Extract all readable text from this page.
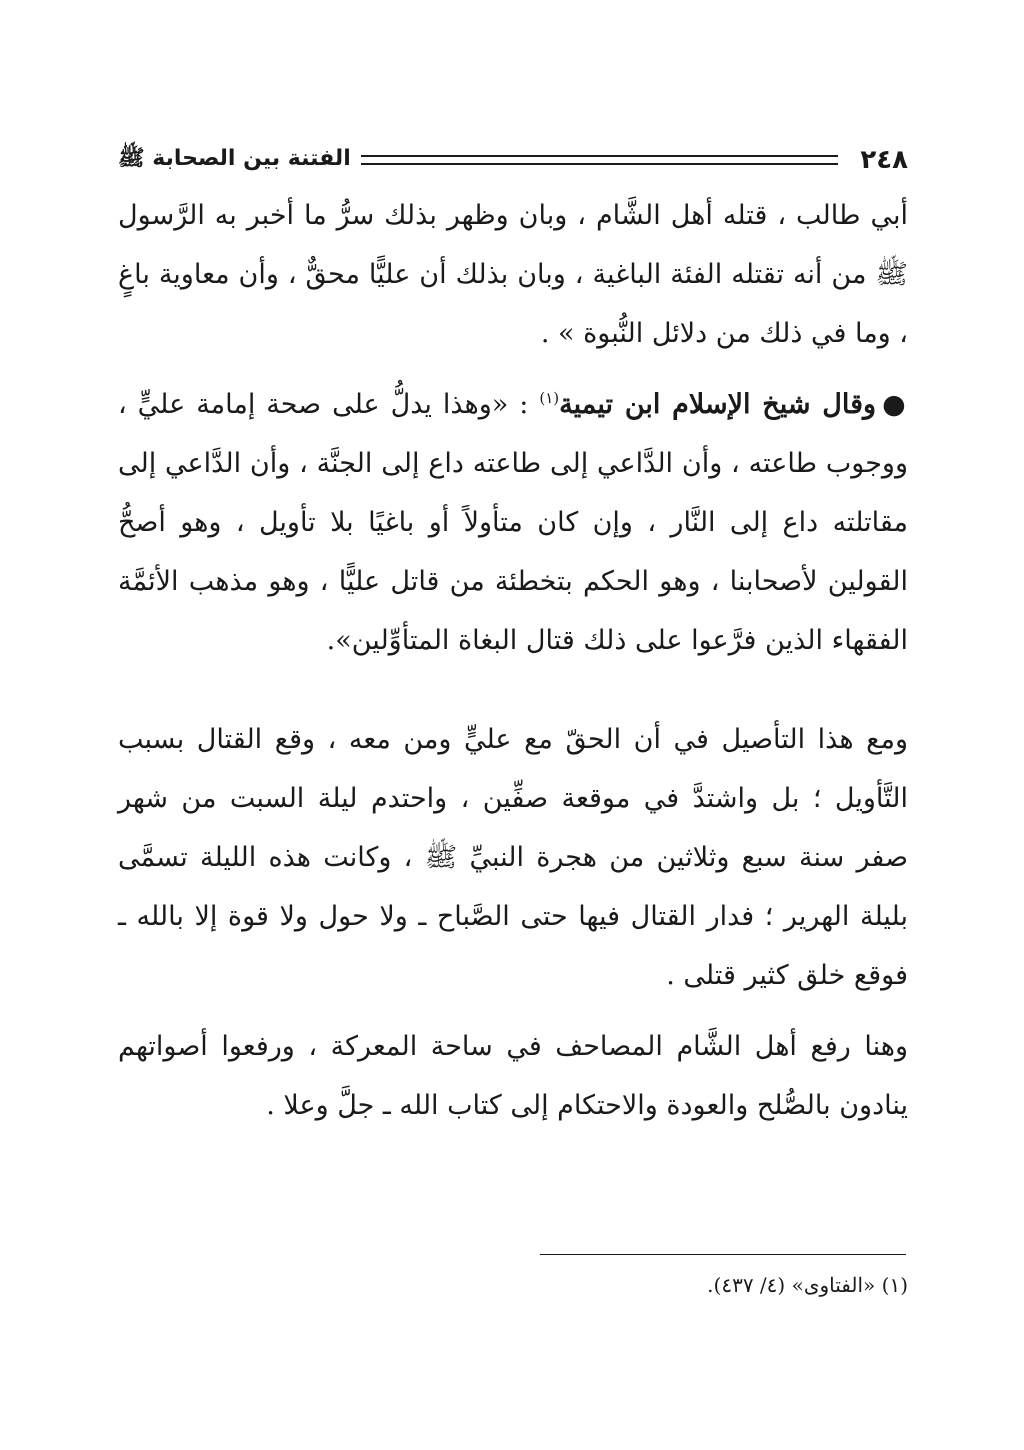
٢٤٨
الفتنة بين الصحابة ﷺ

أبي طالب ، قتله أهل الشَّام ، وبان وظهر بذلك سرُّ ما أخبر به الرَّسول ﷺ من أنه تقتله الفئة الباغية ، وبان بذلك أن عليًّا محقٌّ ، وأن معاوية باغٍ ، وما في ذلك من دلائل النُّبوة » .

●وقال شيخ الإسلام ابن تيمية$^{(١)}$ : «وهذا يدلُّ على صحة إمامة عليٍّ ، ووجوب طاعته ، وأن الدَّاعي إلى طاعته داع إلى الجنَّة ، وأن الدَّاعي إلى مقاتلته داع إلى النَّار ، وإن كان متأولاً أو باغيًا بلا تأويل ، وهو أصحُّ القولين لأصحابنا ، وهو الحكم بتخطئة من قاتل عليًّا ، وهو مذهب الأئمَّة الفقهاء الذين فرَّعوا على ذلك قتال البغاة المتأوِّلين».

ومع هذا التأصيل في أن الحقّ مع عليٍّ ومن معه ، وقع القتال بسبب التَّأويل ؛ بل واشتدَّ في موقعة صفِّين ، واحتدم ليلة السبت من شهر صفر سنة سبع وثلاثين من هجرة النبيِّ ﷺ ، وكانت هذه الليلة تسمَّى بليلة الهرير ؛ فدار القتال فيها حتى الصَّباح ـ ولا حول ولا قوة إلا بالله ـ فوقع خلق كثير قتلى .

وهنا رفع أهل الشَّام المصاحف في ساحة المعركة ، ورفعوا أصواتهم ينادون بالصُّلح والعودة والاحتكام إلى كتاب الله ـ جلَّ وعلا .

(١) «الفتاوى» (٤/ ٤٣٧).
